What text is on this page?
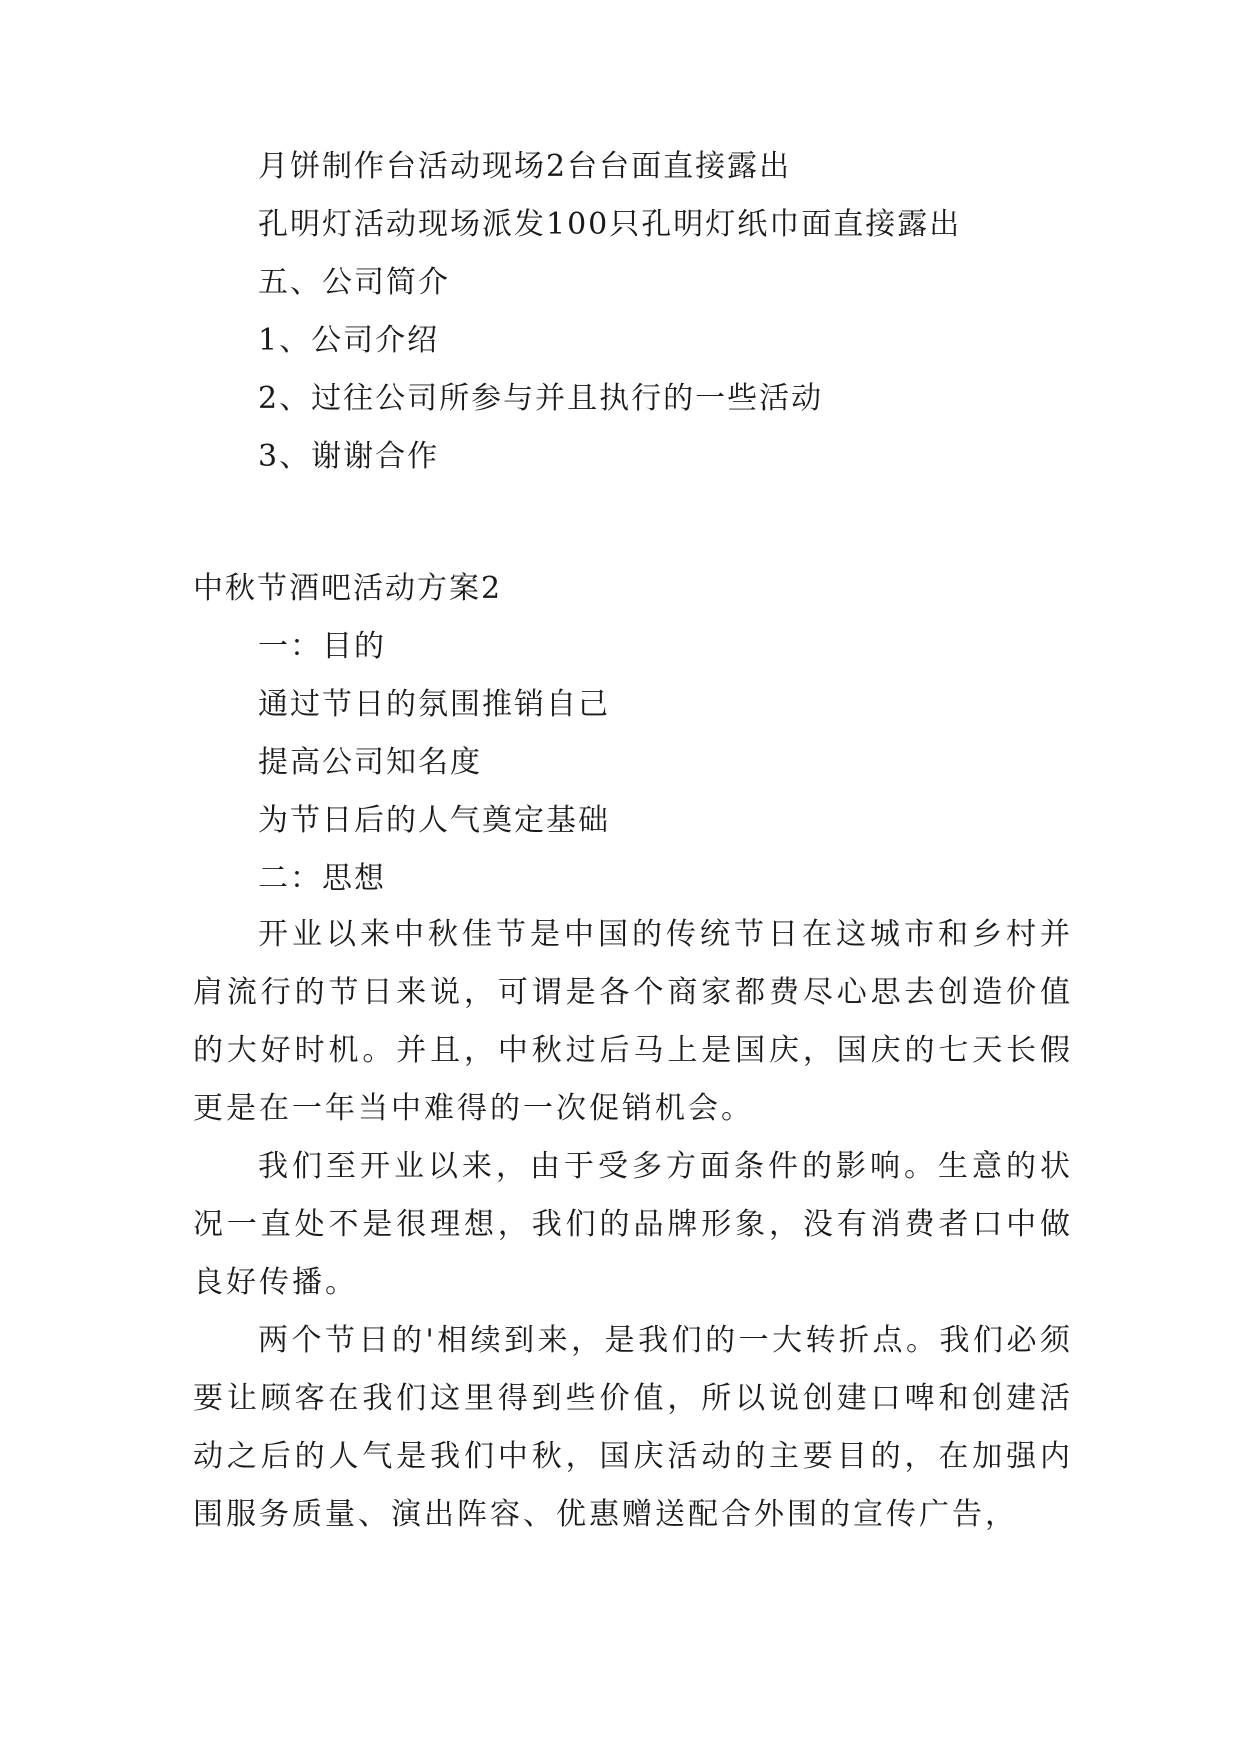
月饼制作台活动现场2台台面直接露出

孔明灯活动现场派发100只孔明灯纸巾面直接露出

五、公司简介

1、公司介绍

2、过往公司所参与并且执行的一些活动

3、谢谢合作

中秋节酒吧活动方案2

一：目的

通过节日的氛围推销自己

提高公司知名度

为节日后的人气奠定基础

二：思想

开业以来中秋佳节是中国的传统节日在这城市和乡村并肩流行的节日来说，可谓是各个商家都费尽心思去创造价值的大好时机。并且，中秋过后马上是国庆，国庆的七天长假更是在一年当中难得的一次促销机会。

我们至开业以来，由于受多方面条件的影响。生意的状况一直处不是很理想，我们的品牌形象，没有消费者口中做良好传播。

两个节日的'相续到来，是我们的一大转折点。我们必须要让顾客在我们这里得到些价值，所以说创建口啤和创建活动之后的人气是我们中秋，国庆活动的主要目的，在加强内围服务质量、演出阵容、优惠赠送配合外围的宣传广告，
